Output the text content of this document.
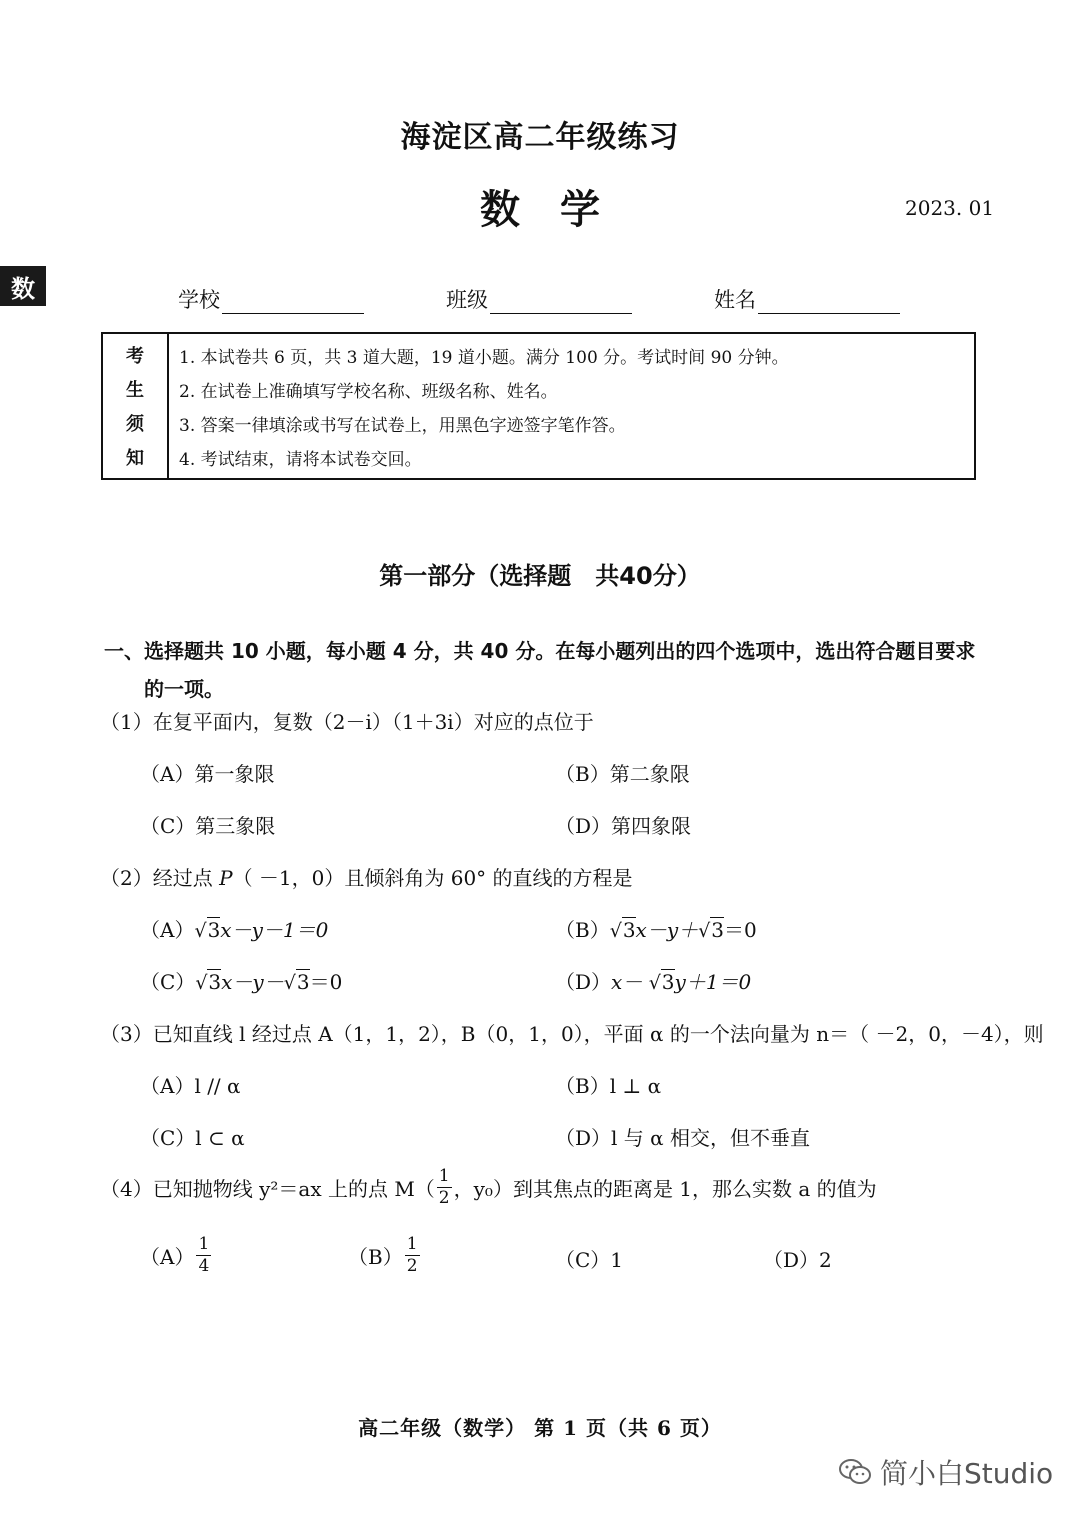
数
海淀区高二年级练习
数学	2023. 01
学校	班级	姓名
考
生
须
知
1. 本试卷共 6 页，共 3 道大题，19 道小题。满分 100 分。考试时间 90 分钟。
2. 在试卷上准确填写学校名称、班级名称、姓名。
3. 答案一律填涂或书写在试卷上，用黑色字迹签字笔作答。
4. 考试结束，请将本试卷交回。
第一部分（选择题　共40分）
一、选择题共 10 小题，每小题 4 分，共 40 分。在每小题列出的四个选项中，选出符合题目要求的一项。
（1）在复平面内，复数（2－i）（1＋3i）对应的点位于
（A）第一象限	（B）第二象限
（C）第三象限	（D）第四象限
（2）经过点 P（ －1，0）且倾斜角为 60° 的直线的方程是
（A）√3x－y－1＝0	（B）√3x－y＋√3＝0
（C）√3x－y－√3＝0	（D）x－ √3y＋1＝0
（3）已知直线 l 经过点 A（1，1，2），B（0，1，0），平面 α 的一个法向量为 n＝（ －2，0，－4），则
（A）l // α	（B）l ⊥ α
（C）l ⊂ α	（D）l 与 α 相交，但不垂直
（4）已知抛物线 y²＝ax 上的点 $M( \frac{1}{2}$ ，y₀）到其焦点的距离是 1，那么实数 a 的值为
$(A) \frac{1}{4}$	$(B) \frac{1}{2}$	（C）1	（D）2
高二年级（数学） 第 1 页（共 6 页）
简小白Studio
